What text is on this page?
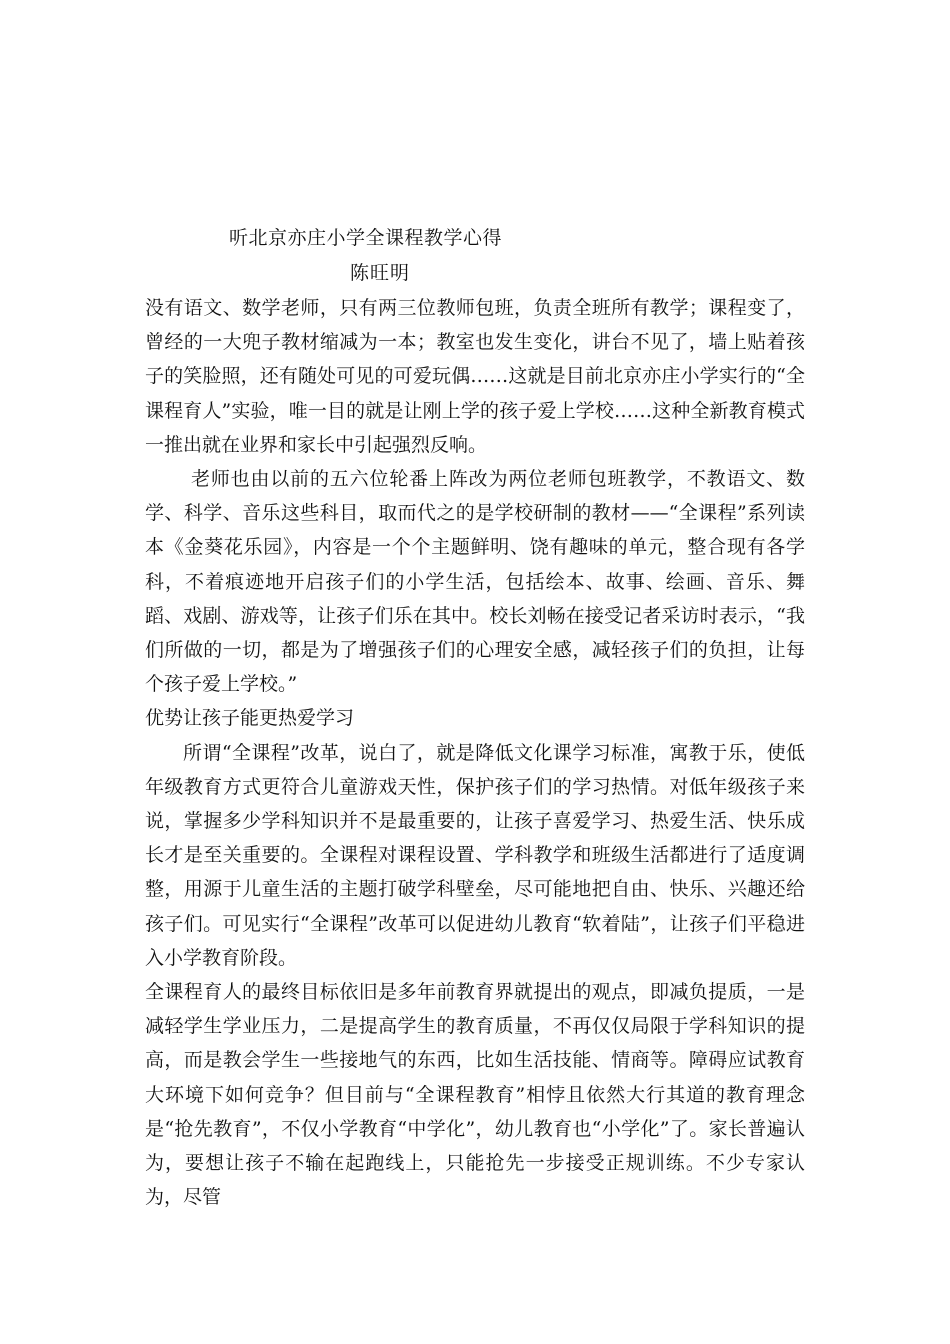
听北京亦庄小学全课程教学心得
陈旺明

没有语文、数学老师，只有两三位教师包班，负责全班所有教学；课程变了，曾经的一大兜子教材缩减为一本；教室也发生变化，讲台不见了，墙上贴着孩子的笑脸照，还有随处可见的可爱玩偶……这就是目前北京亦庄小学实行的“全课程育人”实验，唯一目的就是让刚上学的孩子爱上学校……这种全新教育模式一推出就在业界和家长中引起强烈反响。

老师也由以前的五六位轮番上阵改为两位老师包班教学，不教语文、数学、科学、音乐这些科目，取而代之的是学校研制的教材——“全课程”系列读本《金葵花乐园》，内容是一个个主题鲜明、饶有趣味的单元，整合现有各学科，不着痕迹地开启孩子们的小学生活，包括绘本、故事、绘画、音乐、舞蹈、戏剧、游戏等，让孩子们乐在其中。校长刘畅在接受记者采访时表示，“我们所做的一切，都是为了增强孩子们的心理安全感，减轻孩子们的负担，让每个孩子爱上学校。”

优势让孩子能更热爱学习

所谓“全课程”改革，说白了，就是降低文化课学习标准，寓教于乐，使低年级教育方式更符合儿童游戏天性，保护孩子们的学习热情。对低年级孩子来说，掌握多少学科知识并不是最重要的，让孩子喜爱学习、热爱生活、快乐成长才是至关重要的。全课程对课程设置、学科教学和班级生活都进行了适度调整，用源于儿童生活的主题打破学科壁垒，尽可能地把自由、快乐、兴趣还给孩子们。可见实行“全课程”改革可以促进幼儿教育“软着陆”，让孩子们平稳进入小学教育阶段。

全课程育人的最终目标依旧是多年前教育界就提出的观点，即减负提质，一是减轻学生学业压力，二是提高学生的教育质量，不再仅仅局限于学科知识的提高，而是教会学生一些接地气的东西，比如生活技能、情商等。障碍应试教育大环境下如何竞争？但目前与“全课程教育”相悖且依然大行其道的教育理念是“抢先教育”，不仅小学教育“中学化”，幼儿教育也“小学化”了。家长普遍认为，要想让孩子不输在起跑线上，只能抢先一步接受正规训练。不少专家认为，尽管
